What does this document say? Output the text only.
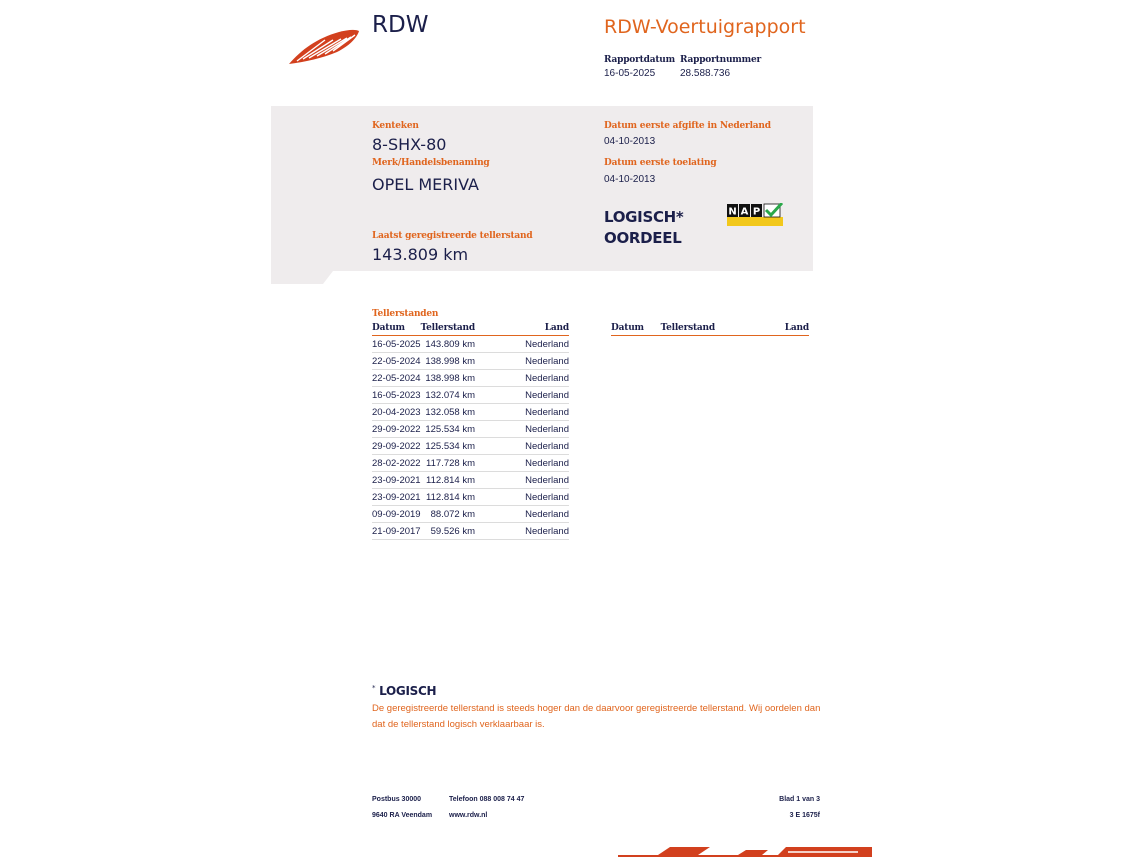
RDW	RDW-Voertuigrapport
Rapportdatum
16-05-2025
Rapportnummer
28.588.736
Kenteken
8-SHX-80
Merk/Handelsbenaming
OPEL MERIVA
Laatst geregistreerde tellerstand
143.809 km
Datum eerste afgifte in Nederland
04-10-2013
Datum eerste toelating
04-10-2013
LOGISCH*
OORDEEL
N A P
Tellerstanden
Datum Tellerstand	Land
16-05-2025 143.809 km	Nederland
22-05-2024 138.998 km	Nederland
22-05-2024 138.998 km	Nederland
16-05-2023 132.074 km	Nederland
20-04-2023 132.058 km	Nederland
29-09-2022 125.534 km	Nederland
29-09-2022 125.534 km	Nederland
28-02-2022 117.728 km	Nederland
23-09-2021 112.814 km	Nederland
23-09-2021 112.814 km	Nederland
09-09-2019 88.072 km	Nederland
21-09-2017 59.526 km	Nederland
Datum Tellerstand	Land
* LOGISCH
De geregistreerde tellerstand is steeds hoger dan de daarvoor geregistreerde tellerstand. Wij oordelen dan dat de tellerstand logisch verklaarbaar is.
Postbus 30000
9640 RA Veendam
Telefoon 088 008 74 47
www.rdw.nl
Blad 1 van 3
3 E 1675f
